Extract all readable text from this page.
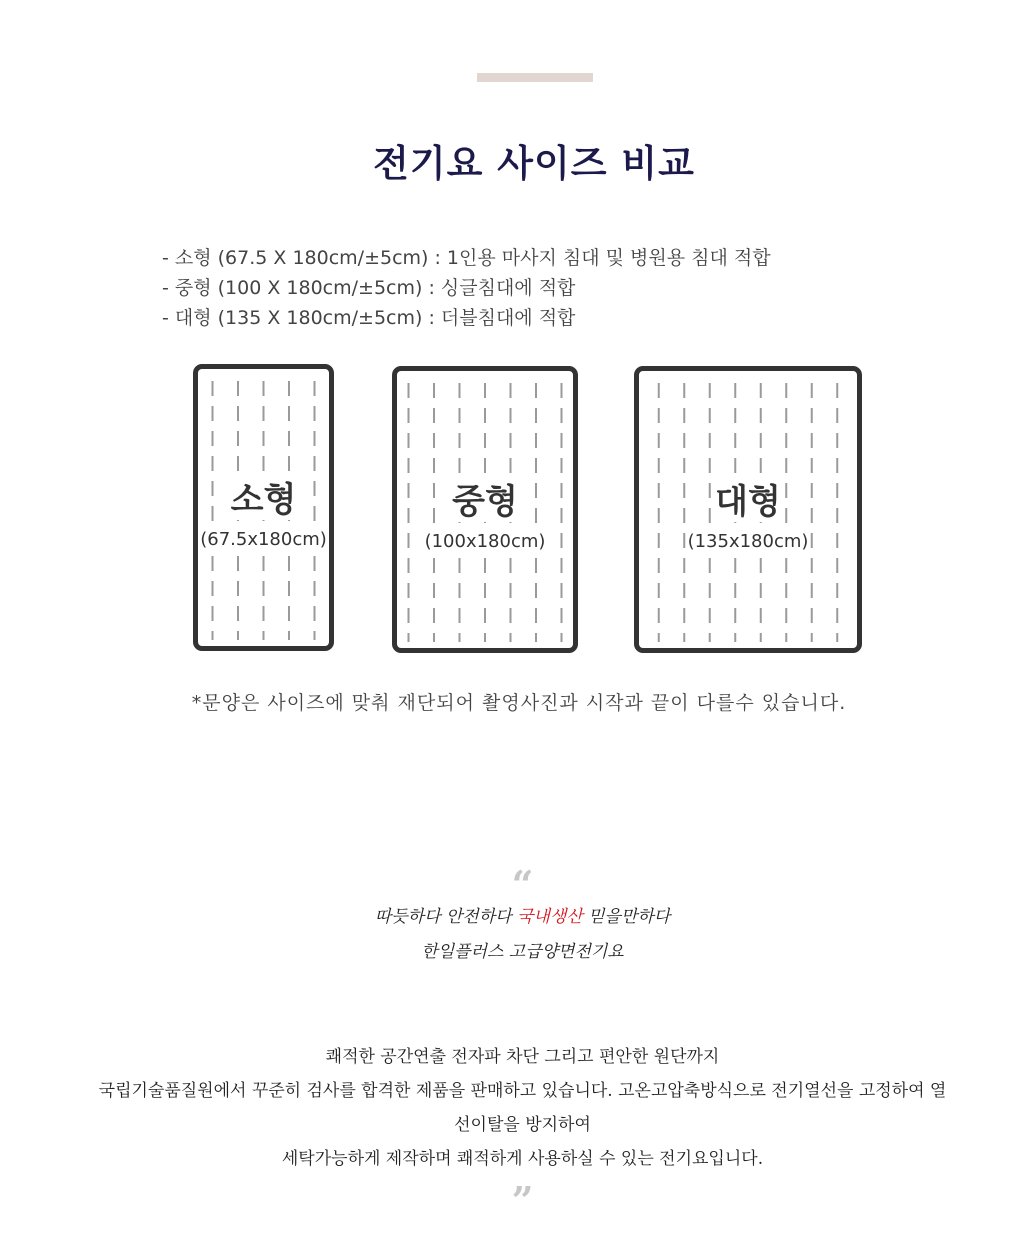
전기요 사이즈 비교
- 소형 (67.5 X 180cm/±5cm) : 1인용 마사지 침대 및 병원용 침대 적합
- 중형 (100 X 180cm/±5cm) : 싱글침대에 적합
- 대형 (135 X 180cm/±5cm) : 더블침대에 적합
소형
(67.5x180cm)
중형
(100x180cm)
대형
(135x180cm)
*문양은 사이즈에 맞춰 재단되어 촬영사진과 시작과 끝이 다를수 있습니다.
“
따듯하다 안전하다 국내생산 믿을만하다
한일플러스 고급양면전기요
쾌적한 공간연출 전자파 차단 그리고 편안한 원단까지
국립기술품질원에서 꾸준히 검사를 합격한 제품을 판매하고 있습니다. 고온고압축방식으로 전기열선을 고정하여 열선이탈을 방지하여
세탁가능하게 제작하며 쾌적하게 사용하실 수 있는 전기요입니다.
”
